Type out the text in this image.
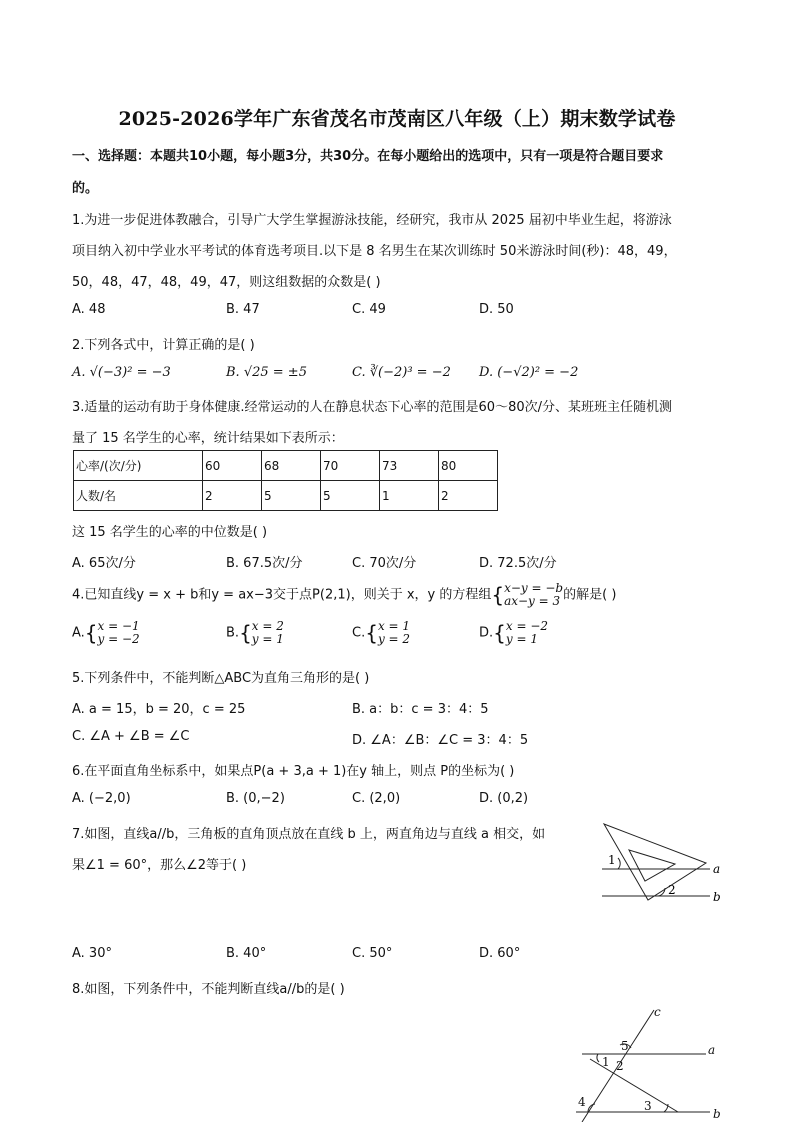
2025-2026学年广东省茂名市茂南区八年级（上）期末数学试卷
一、选择题：本题共10小题，每小题3分，共30分。在每小题给出的选项中，只有一项是符合题目要求
的。
1.为进一步促进体教融合，引导广大学生掌握游泳技能，经研究，我市从 2025 届初中毕业生起，将游泳
项目纳入初中学业水平考试的体育选考项目.以下是 8 名男生在某次训练时 50米游泳时间(秒)：48，49，
50，48，47，48，49，47，则这组数据的众数是( )
A. 48	B. 47	C. 49	D. 50
2.下列各式中，计算正确的是( )
A. √(−3)² = −3	B. √25 = ±5	C. ∛(−2)³ = −2 D. (−√2)² = −2
3.适量的运动有助于身体健康.经常运动的人在静息状态下心率的范围是60～80次/分、某班班主任随机测
量了 15 名学生的心率，统计结果如下表所示：
心率/(次/分)	60	68	70	73	80
人数/名	2	5	5	1	2
这 15 名学生的心率的中位数是( )
A. 65次/分	B. 67.5次/分	C. 70次/分	D. 72.5次/分
4.已知直线y = x + b和y = ax−3交于点P(2,1)，则关于 x，y 的方程组{x−y = −b
ax−y = 3 的解是( )
A.{x = −1
y = −2	B.{x = 2
y = 1	C.{x = 1
y = 2	D.{x = −2
y = 1
5.下列条件中，不能判断△ABC为直角三角形的是( )
A. a = 15，b = 20，c = 25	B. a：b：c = 3：4：5
C. ∠A + ∠B = ∠C	D. ∠A：∠B：∠C = 3：4：5
6.在平面直角坐标系中，如果点P(a + 3,a + 1)在y 轴上，则点 P的坐标为( )
A. (−2,0)	B. (0,−2)	C. (2,0)	D. (0,2)
7.如图，直线a//b，三角板的直角顶点放在直线 b 上，两直角边与直线 a 相交，如
果∠1 = 60°，那么∠2等于( )	1
2
a
b
A. 30°	B. 40°	C. 50°	D. 60°
8.如图，下列条件中，不能判断直线a//b的是( )
c
a
b
5
1 2
4	3
